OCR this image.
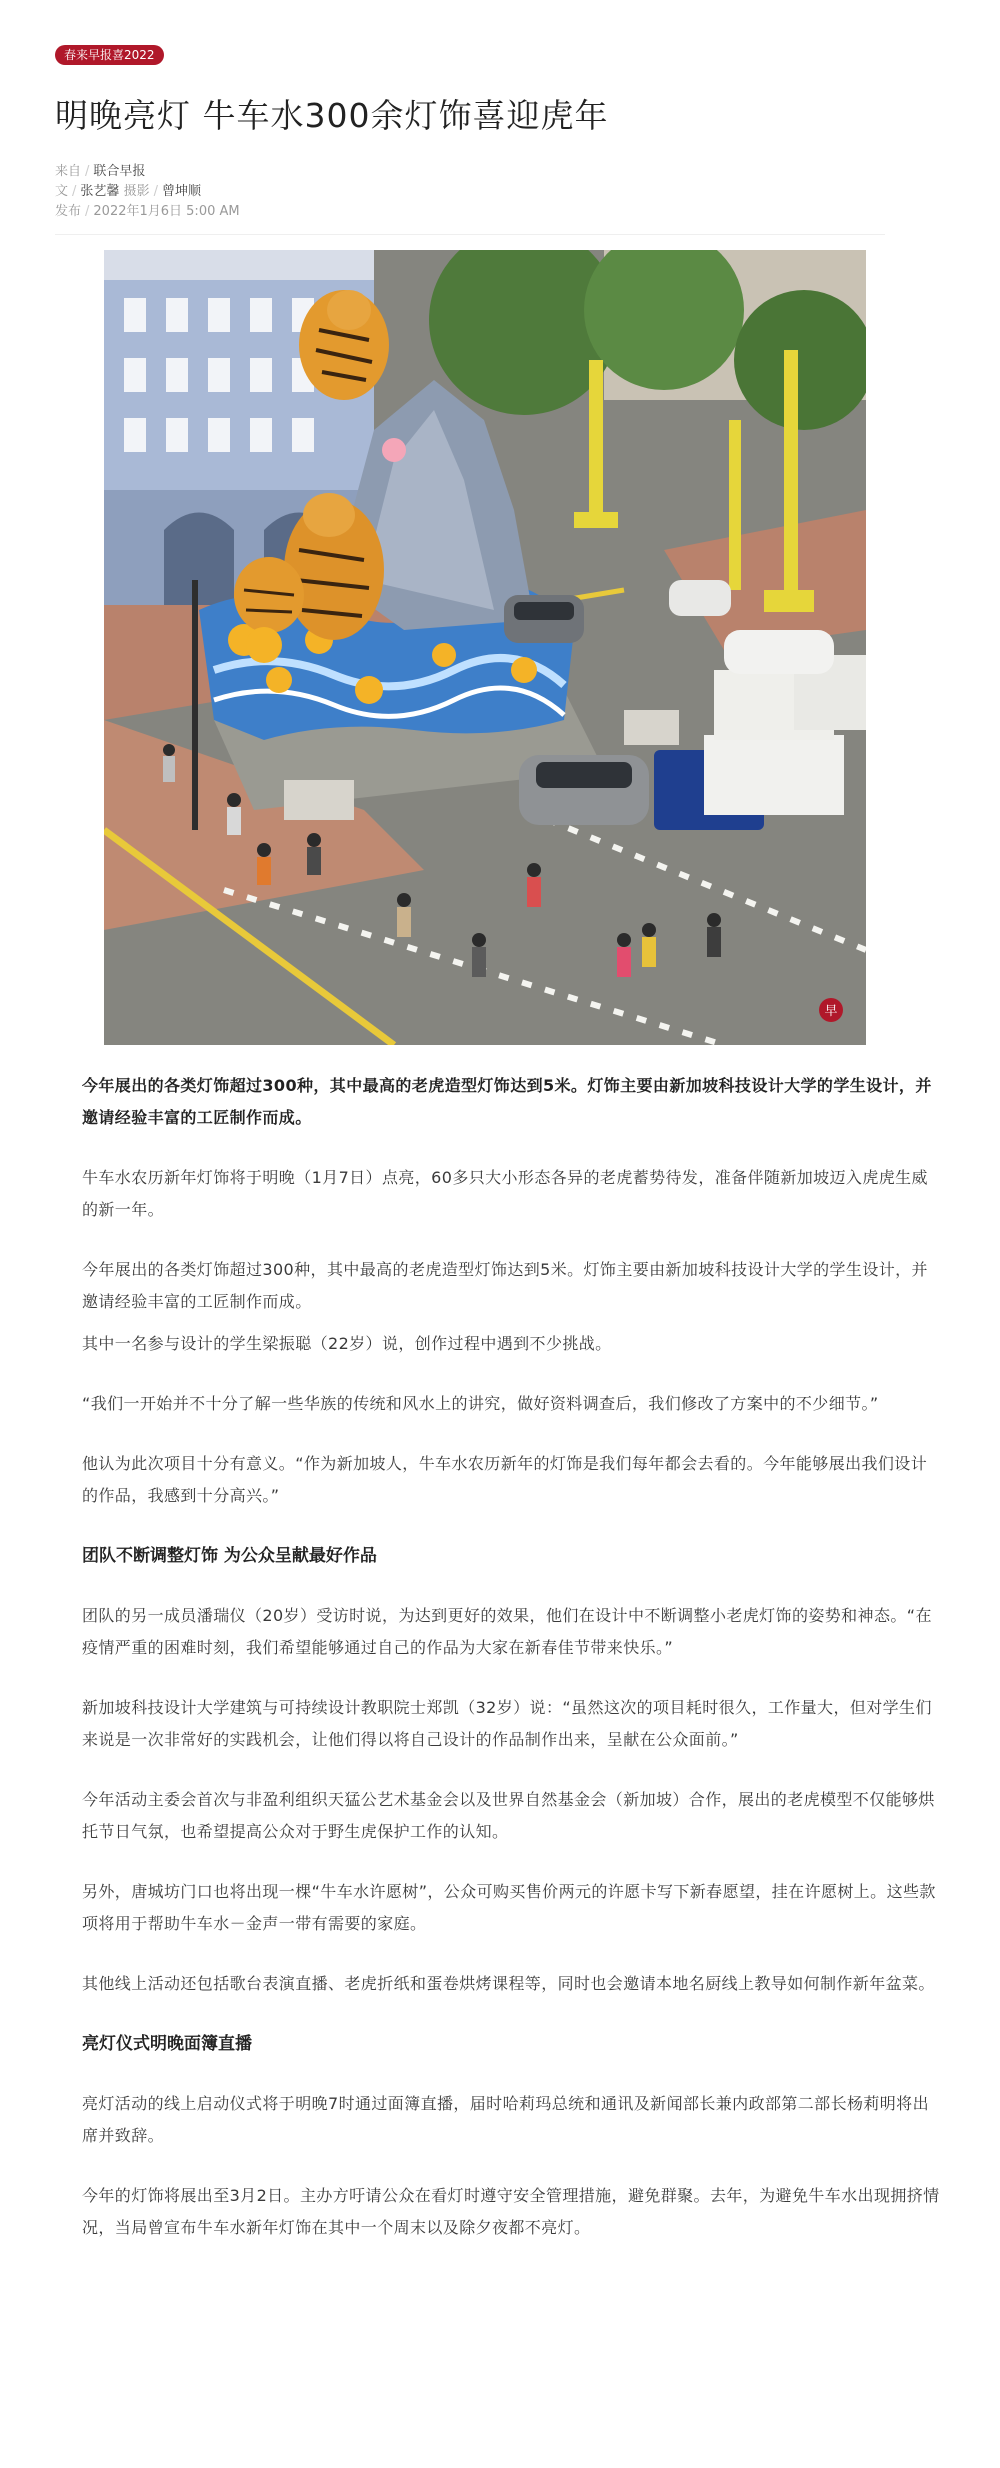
春来早报喜2022
明晚亮灯 牛车水300余灯饰喜迎虎年
来自 / 联合早报
文 / 张艺馨 摄影 / 曾坤顺
发布 / 2022年1月6日 5:00 AM
早

今年展出的各类灯饰超过300种，其中最高的老虎造型灯饰达到5米。灯饰主要由新加坡科技设计大学的学生设计，并邀请经验丰富的工匠制作而成。

牛车水农历新年灯饰将于明晚（1月7日）点亮，60多只大小形态各异的老虎蓄势待发，准备伴随新加坡迈入虎虎生威的新一年。

今年展出的各类灯饰超过300种，其中最高的老虎造型灯饰达到5米。灯饰主要由新加坡科技设计大学的学生设计，并邀请经验丰富的工匠制作而成。

其中一名参与设计的学生梁振聪（22岁）说，创作过程中遇到不少挑战。

“我们一开始并不十分了解一些华族的传统和风水上的讲究，做好资料调查后，我们修改了方案中的不少细节。”

他认为此次项目十分有意义。“作为新加坡人，牛车水农历新年的灯饰是我们每年都会去看的。今年能够展出我们设计的作品，我感到十分高兴。”

团队不断调整灯饰 为公众呈献最好作品

团队的另一成员潘瑞仪（20岁）受访时说，为达到更好的效果，他们在设计中不断调整小老虎灯饰的姿势和神态。“在疫情严重的困难时刻，我们希望能够通过自己的作品为大家在新春佳节带来快乐。”

新加坡科技设计大学建筑与可持续设计教职院士郑凯（32岁）说：“虽然这次的项目耗时很久，工作量大，但对学生们来说是一次非常好的实践机会，让他们得以将自己设计的作品制作出来，呈献在公众面前。”

今年活动主委会首次与非盈利组织天猛公艺术基金会以及世界自然基金会（新加坡）合作，展出的老虎模型不仅能够烘托节日气氛，也希望提高公众对于野生虎保护工作的认知。

另外，唐城坊门口也将出现一棵“牛车水许愿树”，公众可购买售价两元的许愿卡写下新春愿望，挂在许愿树上。这些款项将用于帮助牛车水－金声一带有需要的家庭。

其他线上活动还包括歌台表演直播、老虎折纸和蛋卷烘烤课程等，同时也会邀请本地名厨线上教导如何制作新年盆菜。

亮灯仪式明晚面簿直播

亮灯活动的线上启动仪式将于明晚7时通过面簿直播，届时哈莉玛总统和通讯及新闻部长兼内政部第二部长杨莉明将出席并致辞。

今年的灯饰将展出至3月2日。主办方吁请公众在看灯时遵守安全管理措施，避免群聚。去年，为避免牛车水出现拥挤情况，当局曾宣布牛车水新年灯饰在其中一个周末以及除夕夜都不亮灯。
